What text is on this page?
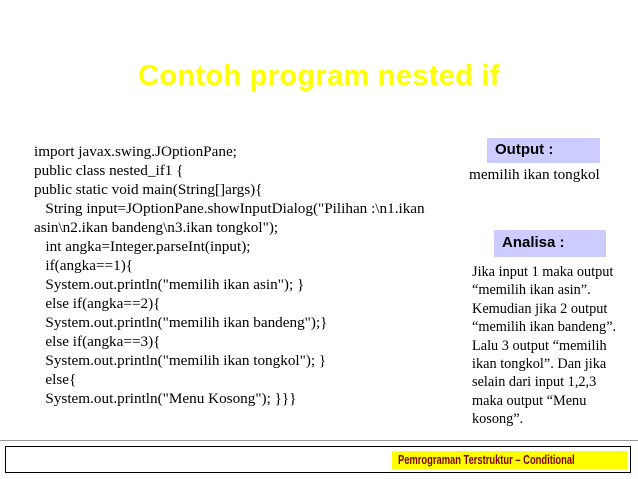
Contoh program nested if
import javax.swing.JOptionPane;
public class nested_if1 {
public static void main(String[]args){
String input=JOptionPane.showInputDialog("Pilihan :\n1.ikan
asin\n2.ikan bandeng\n3.ikan tongkol");
int angka=Integer.parseInt(input);
if(angka==1){
System.out.println("memilih ikan asin"); }
else if(angka==2){
System.out.println("memilih ikan bandeng");}
else if(angka==3){
System.out.println("memilih ikan tongkol"); }
else{
System.out.println("Menu Kosong"); }}}
Output :
memilih ikan tongkol
Analisa :
Jika input 1 maka output
“memilih ikan asin”.
Kemudian jika 2 output
“memilih ikan bandeng”.
Lalu 3 output “memilih
ikan tongkol”. Dan jika
selain dari input 1,2,3
maka output “Menu
kosong”.
Pemrograman Terstruktur – Conditional
